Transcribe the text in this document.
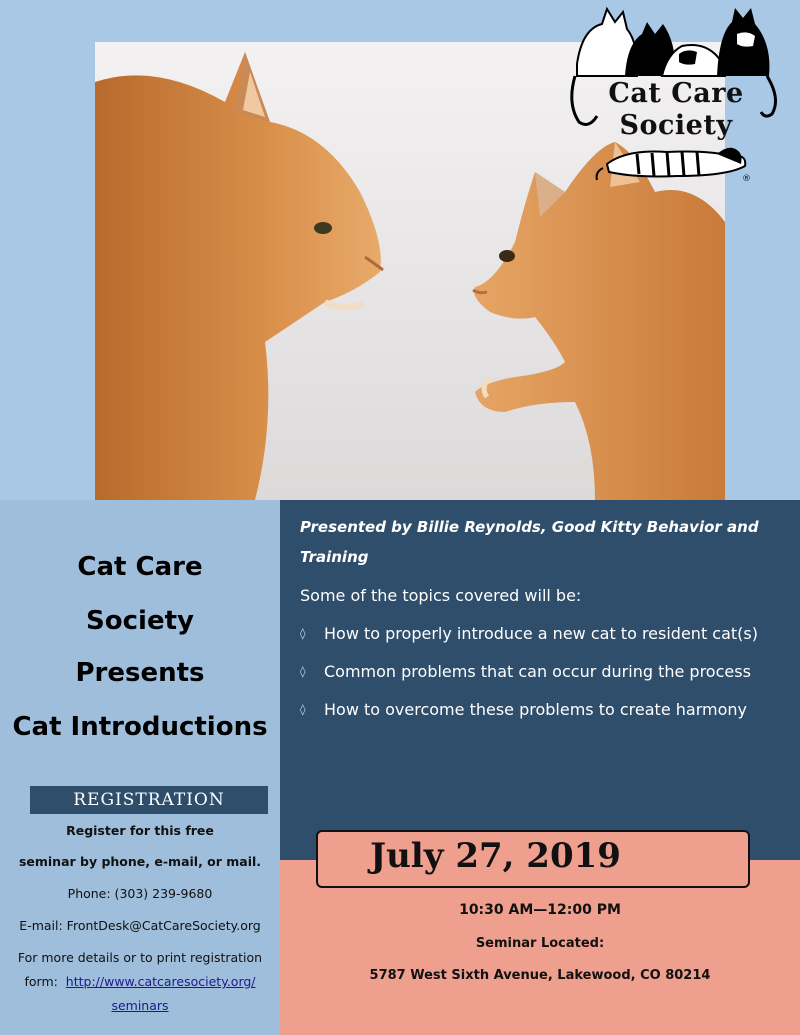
Cat Care
Society
®
Cat Care
Society
Presents
Cat Introductions
REGISTRATION
Register for this free
seminar by phone, e-mail, or mail.
Phone: (303) 239-9680
E-mail: FrontDesk@CatCareSociety.org
For more details or to print registration
form: http://www.catcaresociety.org/
seminars
Presented by Billie Reynolds, Good Kitty Behavior and Training
Some of the topics covered will be:
◊ How to properly introduce a new cat to resident cat(s)
◊ Common problems that can occur during the process
◊ How to overcome these problems to create harmony
July 27, 2019
10:30 AM—12:00 PM
Seminar Located:
5787 West Sixth Avenue, Lakewood, CO 80214
